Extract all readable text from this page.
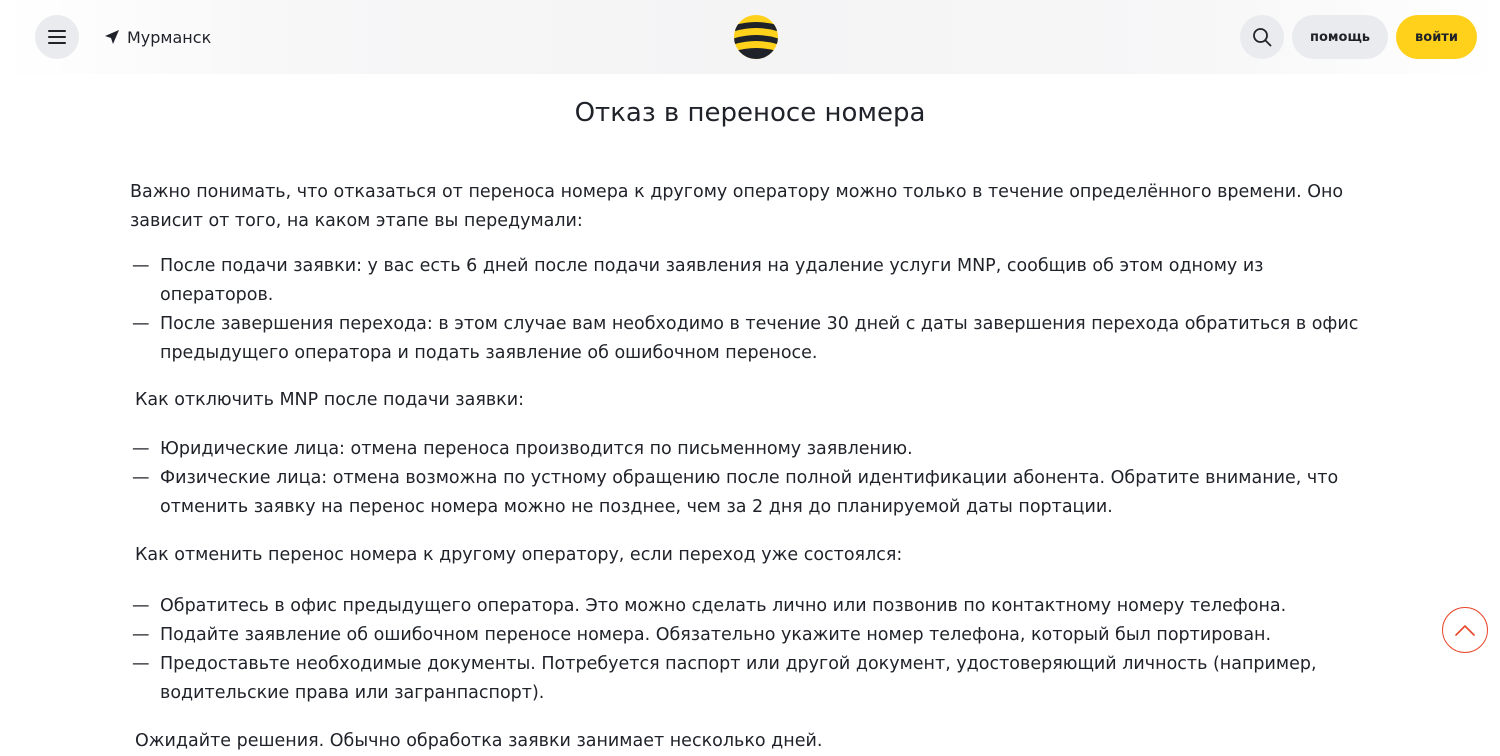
Мурманск	помощь	войти
Отказ в переносе номера

Важно понимать, что отказаться от переноса номера к другому оператору можно только в течение определённого времени. Оно зависит от того, на каком этапе вы передумали:

— После подачи заявки: у вас есть 6 дней после подачи заявления на удаление услуги MNP, сообщив об этом одному из операторов.
— После завершения перехода: в этом случае вам необходимо в течение 30 дней с даты завершения перехода обратиться в офис предыдущего оператора и подать заявление об ошибочном переносе.

Как отключить MNP после подачи заявки:

— Юридические лица: отмена переноса производится по письменному заявлению.
— Физические лица: отмена возможна по устному обращению после полной идентификации абонента. Обратите внимание, что отменить заявку на перенос номера можно не позднее, чем за 2 дня до планируемой даты портации.

Как отменить перенос номера к другому оператору, если переход уже состоялся:

— Обратитесь в офис предыдущего оператора. Это можно сделать лично или позвонив по контактному номеру телефона.
— Подайте заявление об ошибочном переносе номера. Обязательно укажите номер телефона, который был портирован.
— Предоставьте необходимые документы. Потребуется паспорт или другой документ, удостоверяющий личность (например, водительские права или загранпаспорт).

Ожидайте решения. Обычно обработка заявки занимает несколько дней.
